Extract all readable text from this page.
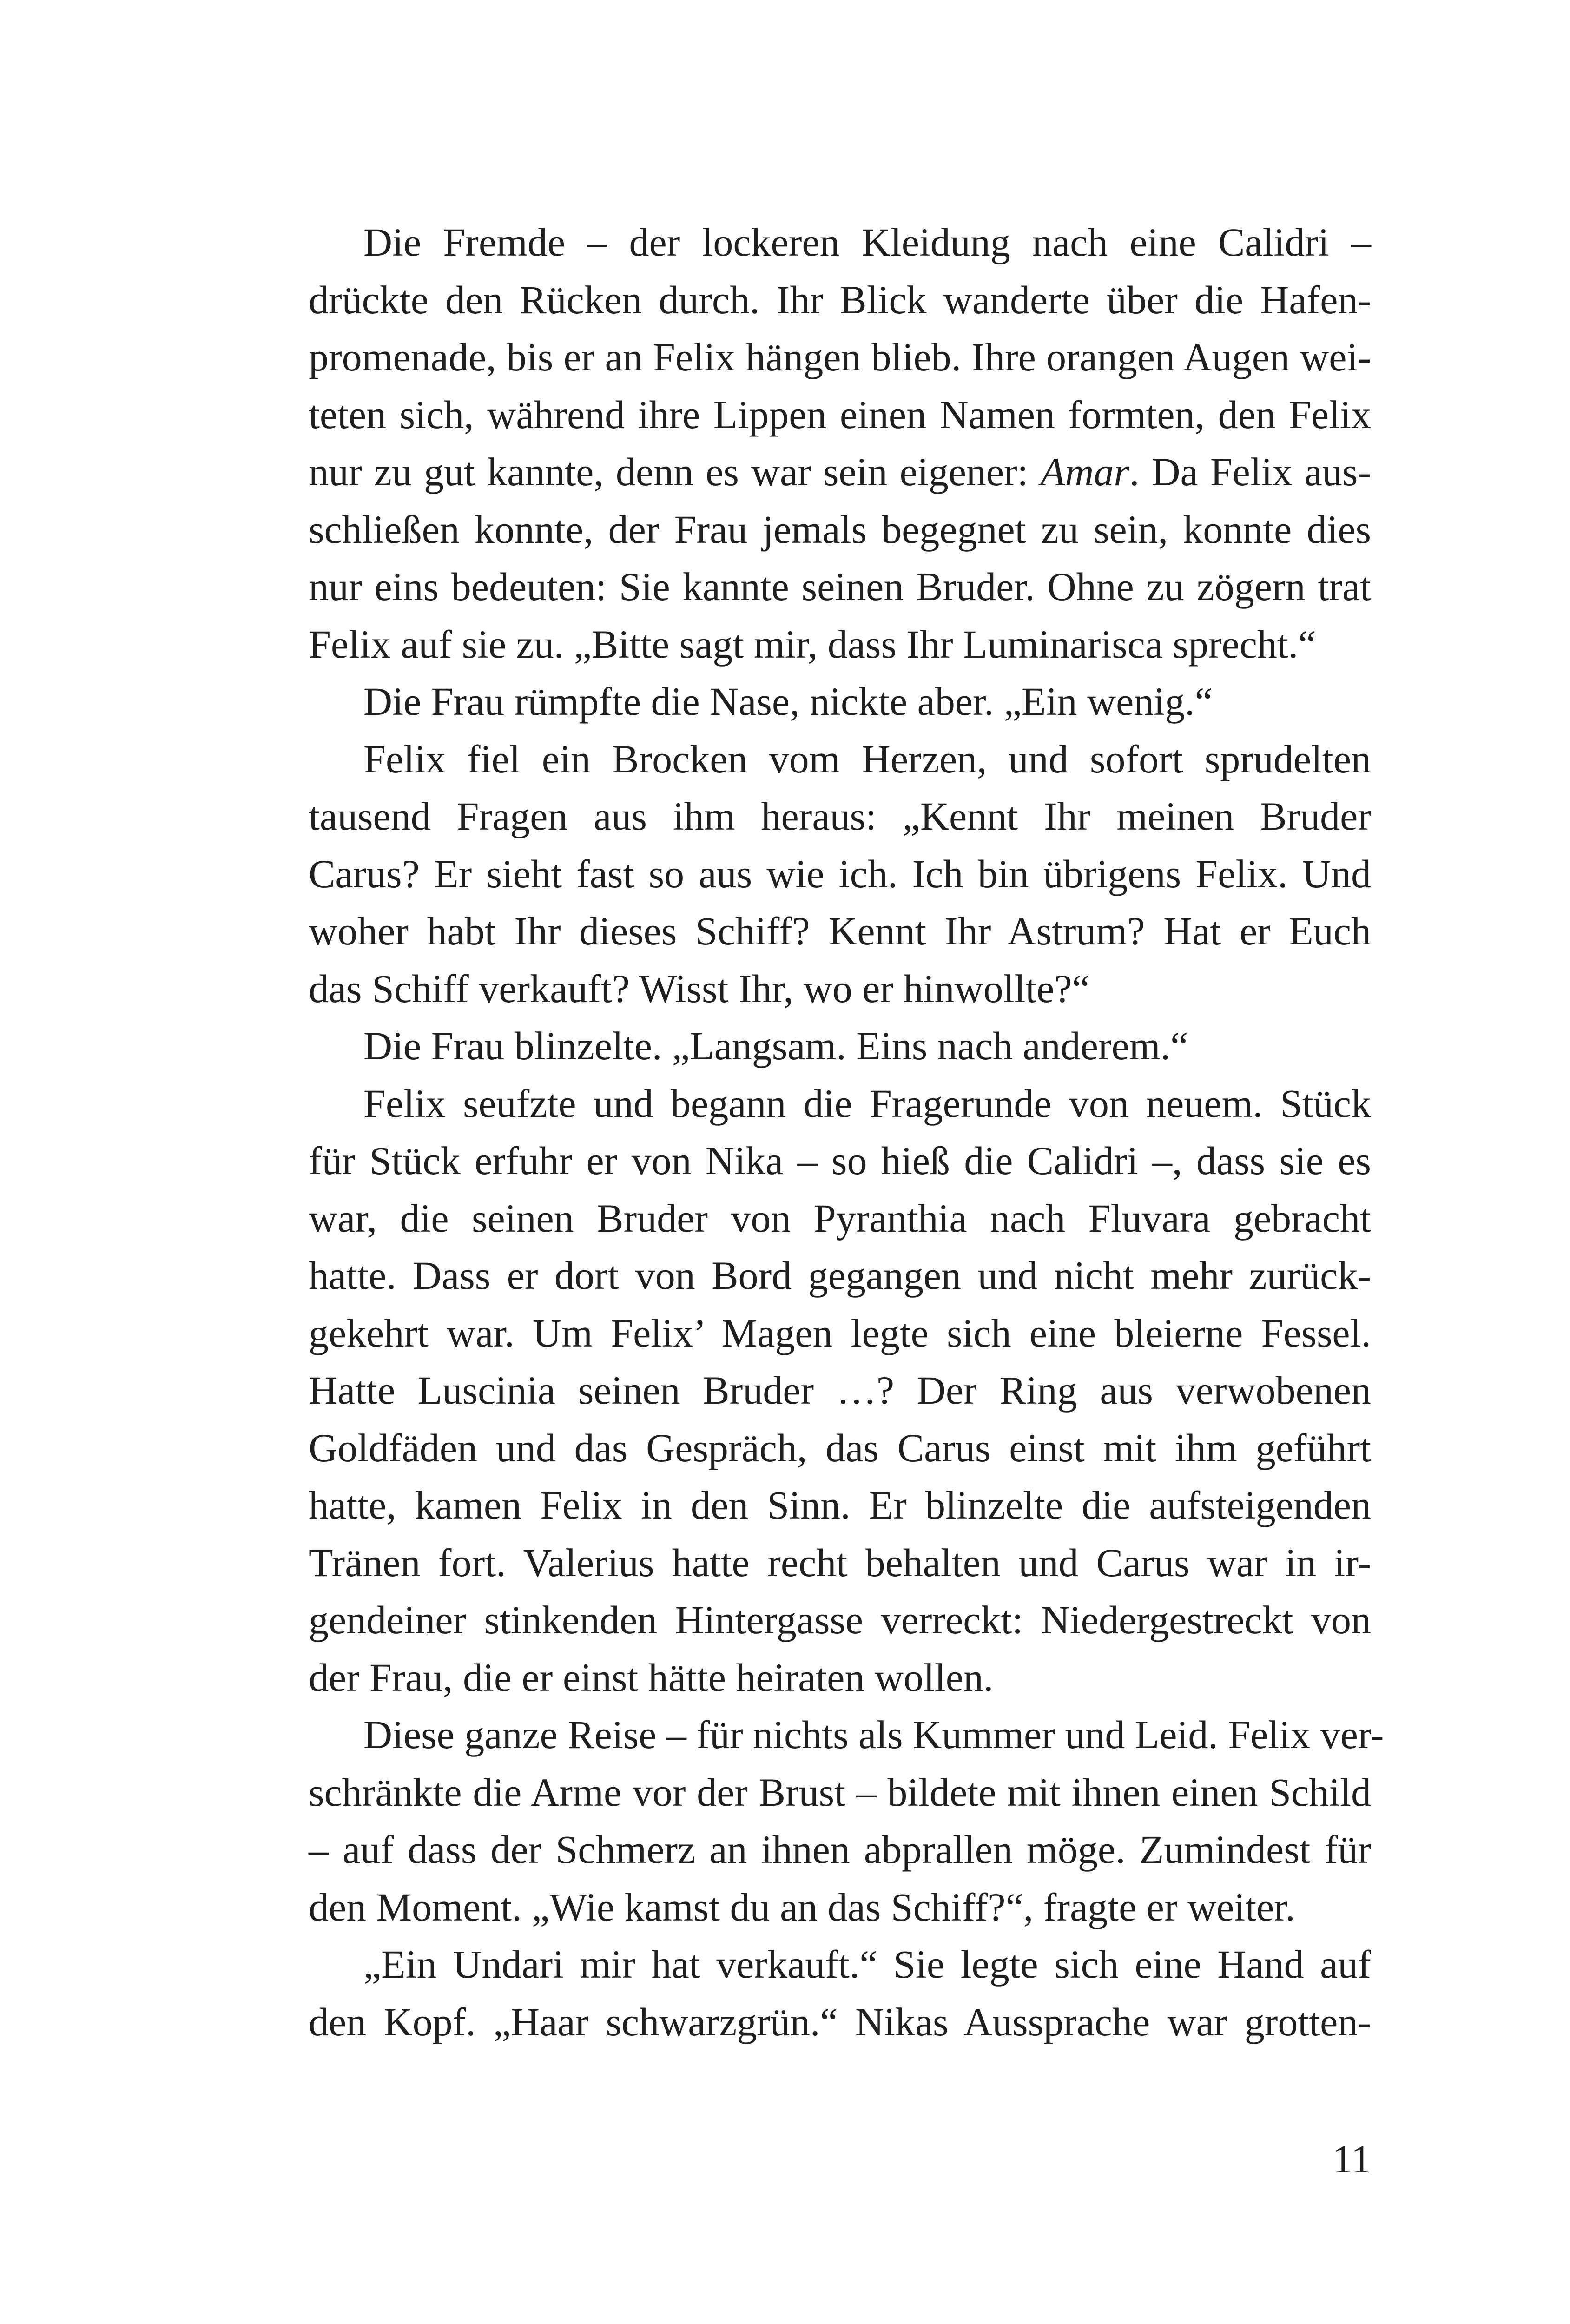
Die Fremde – der lockeren Kleidung nach eine Calidri –
drückte den Rücken durch. Ihr Blick wanderte über die Hafen-
promenade, bis er an Felix hängen blieb. Ihre orangen Augen wei-
teten sich, während ihre Lippen einen Namen formten, den Felix
nur zu gut kannte, denn es war sein eigener: Amar. Da Felix aus-
schließen konnte, der Frau jemals begegnet zu sein, konnte dies
nur eins bedeuten: Sie kannte seinen Bruder. Ohne zu zögern trat
Felix auf sie zu. „Bitte sagt mir, dass Ihr Luminarisca sprecht.“
Die Frau rümpfte die Nase, nickte aber. „Ein wenig.“
Felix fiel ein Brocken vom Herzen, und sofort sprudelten
tausend Fragen aus ihm heraus: „Kennt Ihr meinen Bruder
Carus? Er sieht fast so aus wie ich. Ich bin übrigens Felix. Und
woher habt Ihr dieses Schiff? Kennt Ihr Astrum? Hat er Euch
das Schiff verkauft? Wisst Ihr, wo er hinwollte?“
Die Frau blinzelte. „Langsam. Eins nach anderem.“
Felix seufzte und begann die Fragerunde von neuem. Stück
für Stück erfuhr er von Nika – so hieß die Calidri –, dass sie es
war, die seinen Bruder von Pyranthia nach Fluvara gebracht
hatte. Dass er dort von Bord gegangen und nicht mehr zurück-
gekehrt war. Um Felix’ Magen legte sich eine bleierne Fessel.
Hatte Luscinia seinen Bruder …? Der Ring aus verwobenen
Goldfäden und das Gespräch, das Carus einst mit ihm geführt
hatte, kamen Felix in den Sinn. Er blinzelte die aufsteigenden
Tränen fort. Valerius hatte recht behalten und Carus war in ir-
gendeiner stinkenden Hintergasse verreckt: Niedergestreckt von
der Frau, die er einst hätte heiraten wollen.
Diese ganze Reise – für nichts als Kummer und Leid. Felix ver-
schränkte die Arme vor der Brust – bildete mit ihnen einen Schild
– auf dass der Schmerz an ihnen abprallen möge. Zumindest für
den Moment. „Wie kamst du an das Schiff?“, fragte er weiter.
„Ein Undari mir hat verkauft.“ Sie legte sich eine Hand auf
den Kopf. „Haar schwarzgrün.“ Nikas Aussprache war grotten-
11
